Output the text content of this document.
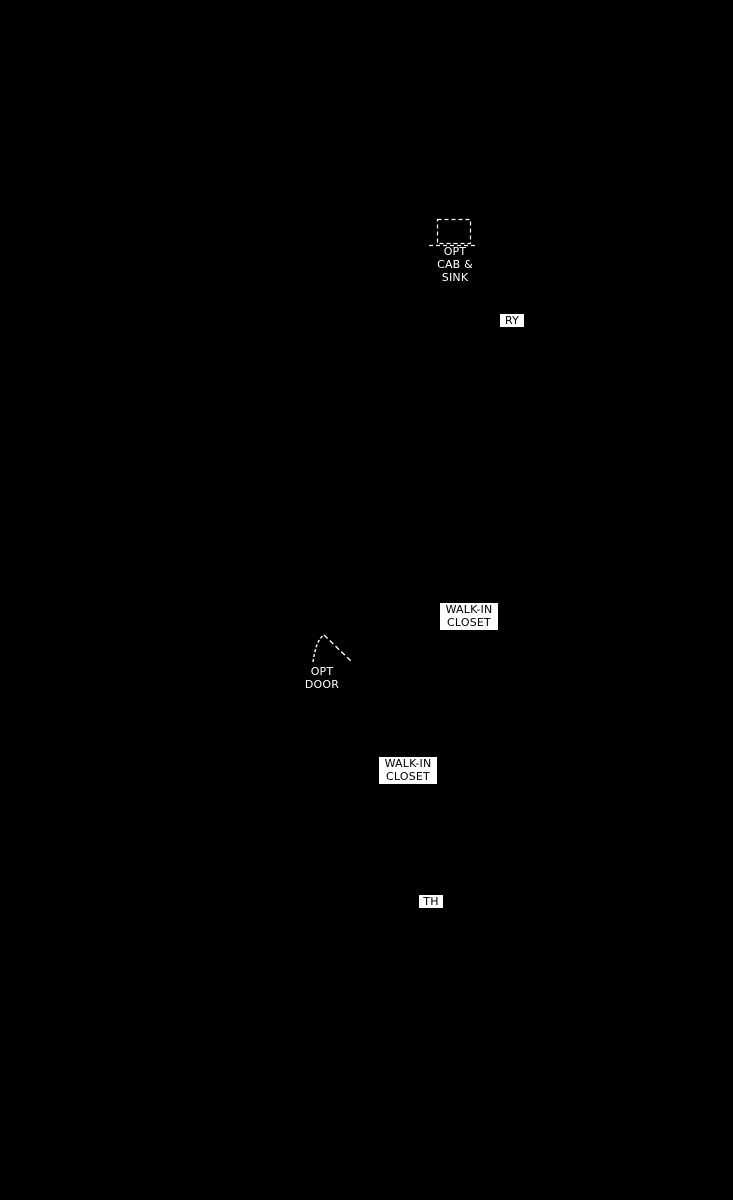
OPT
CAB &
SINK
RY
WALK-IN
CLOSET
OPT
DOOR
WALK-IN
CLOSET
TH
